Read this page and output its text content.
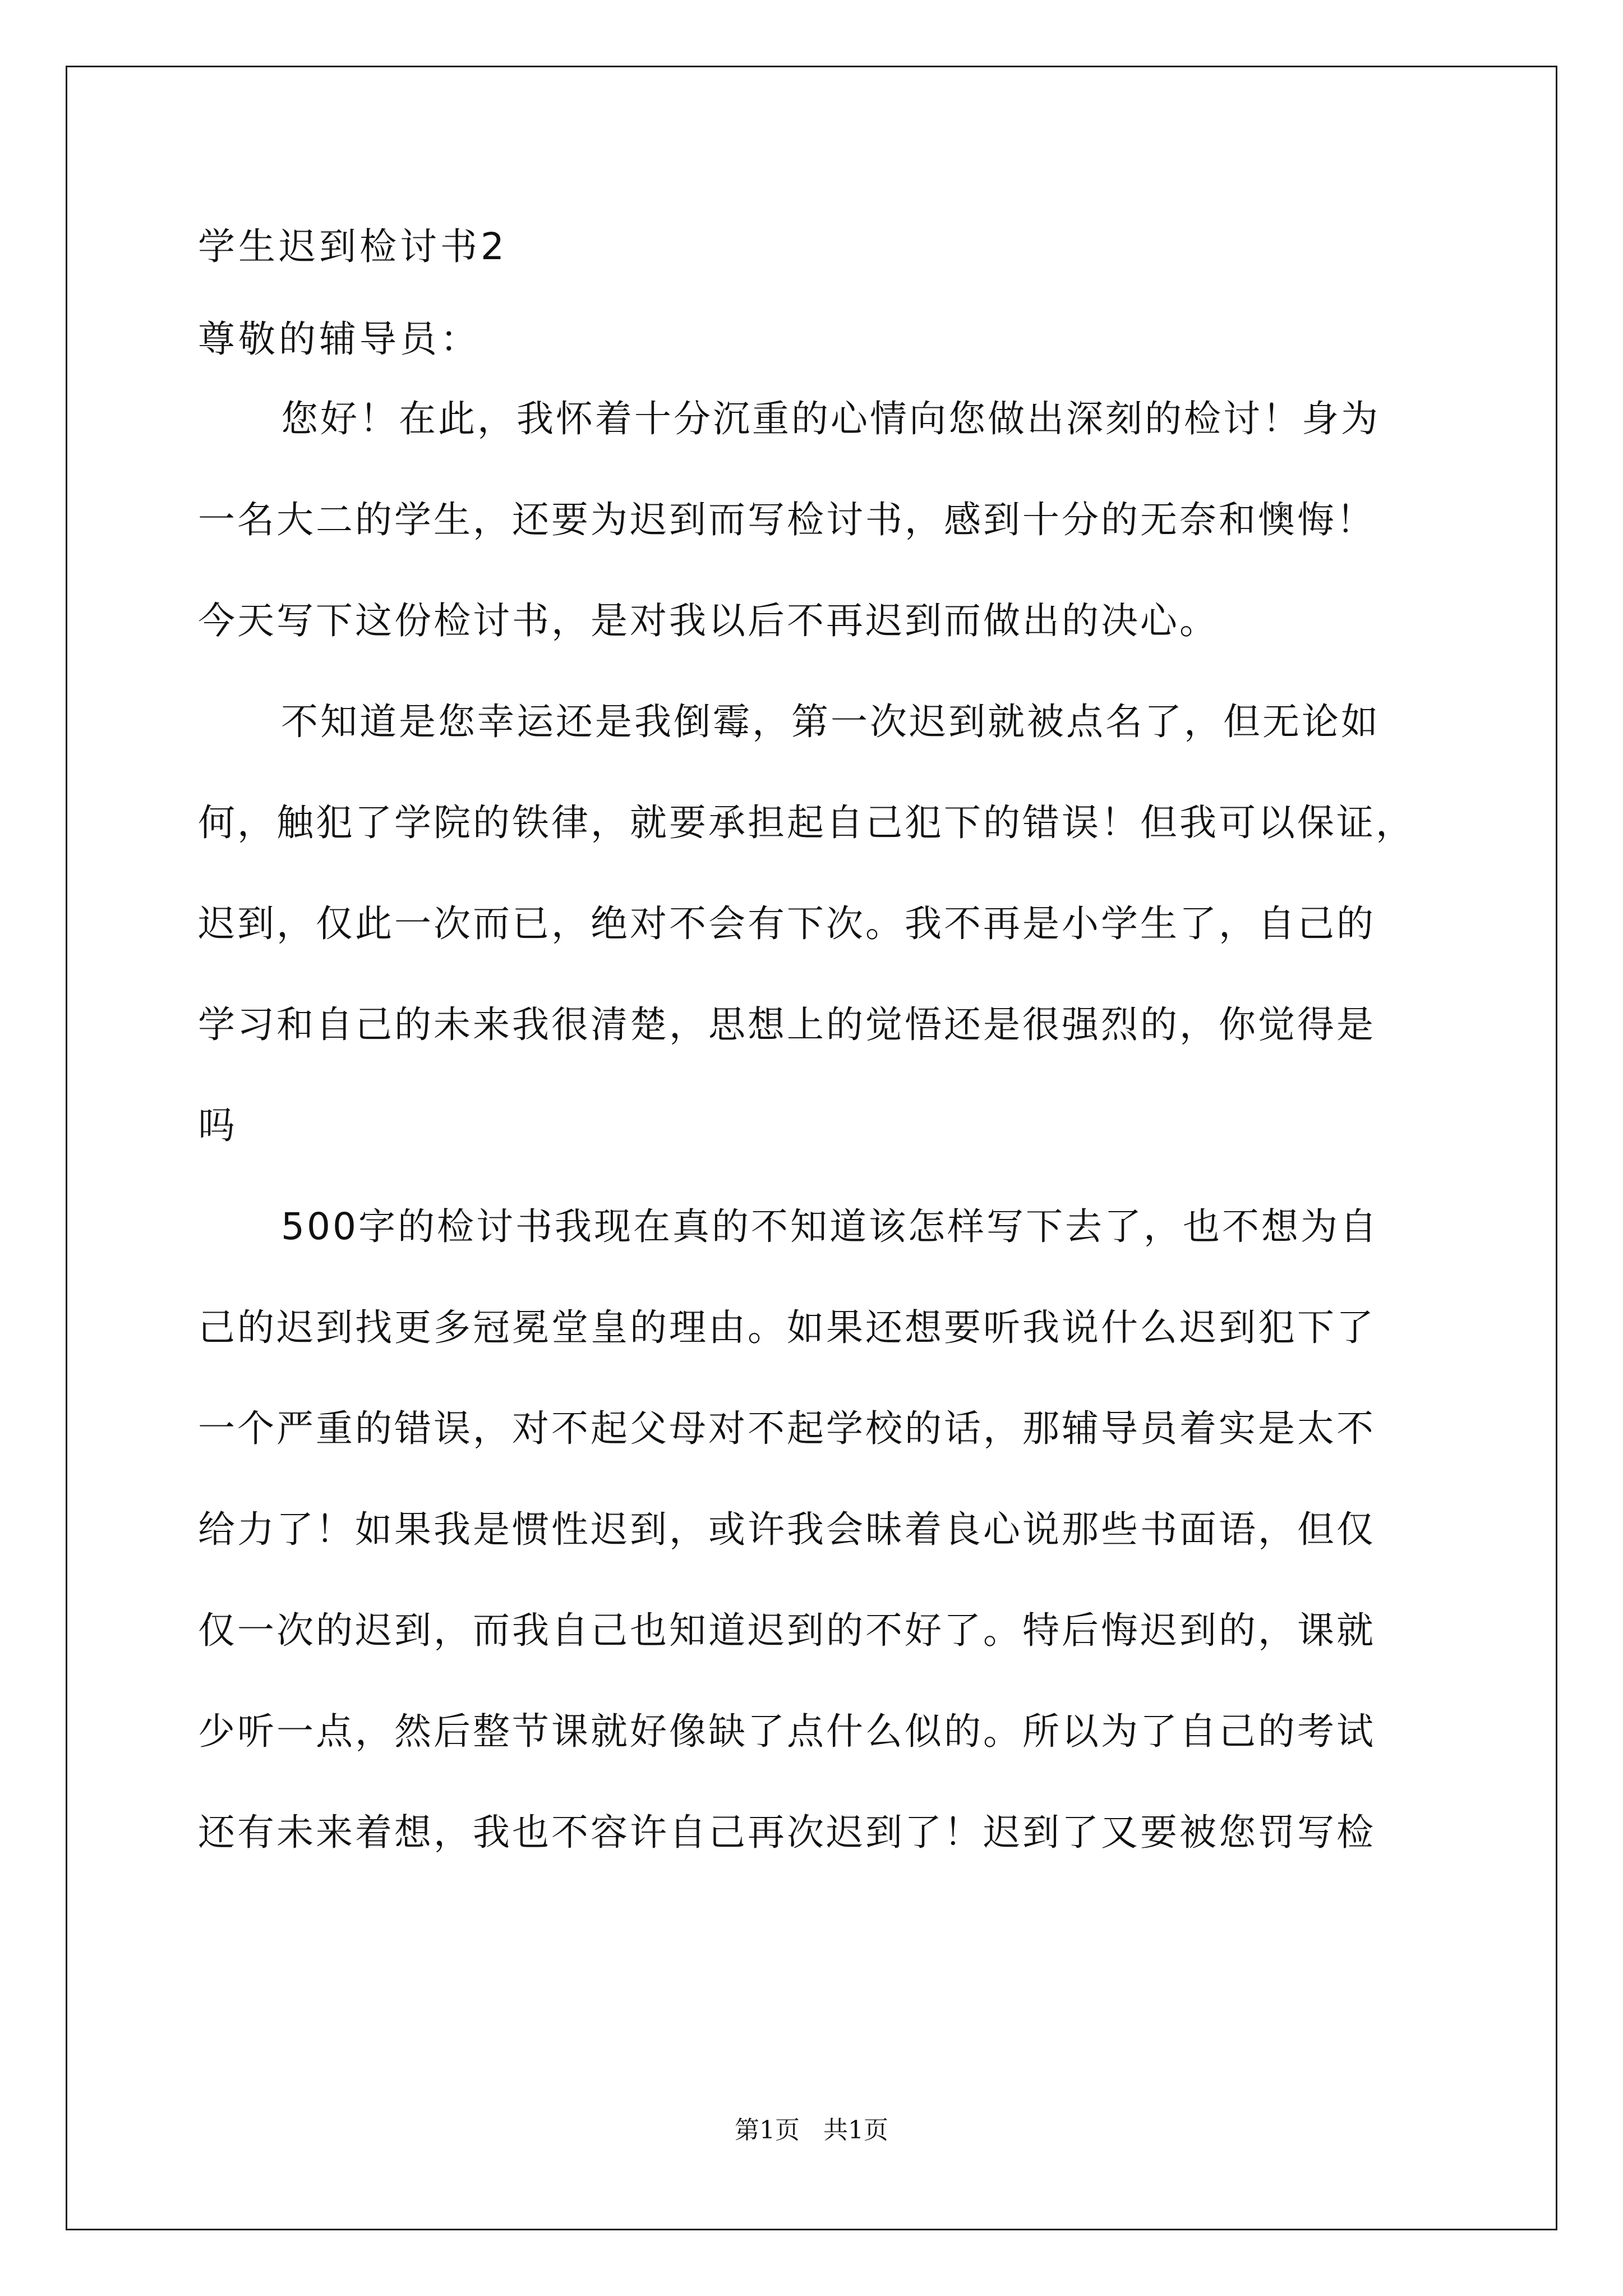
学生迟到检讨书2
尊敬的辅导员：
您好！在此，我怀着十分沉重的心情向您做出深刻的检讨！身为
一名大二的学生，还要为迟到而写检讨书，感到十分的无奈和懊悔！
今天写下这份检讨书，是对我以后不再迟到而做出的决心。
不知道是您幸运还是我倒霉，第一次迟到就被点名了，但无论如
何，触犯了学院的铁律，就要承担起自己犯下的错误！但我可以保证，
迟到，仅此一次而已，绝对不会有下次。我不再是小学生了，自己的
学习和自己的未来我很清楚，思想上的觉悟还是很强烈的，你觉得是
吗
500字的检讨书我现在真的不知道该怎样写下去了，也不想为自
己的迟到找更多冠冕堂皇的理由。如果还想要听我说什么迟到犯下了
一个严重的错误，对不起父母对不起学校的话，那辅导员着实是太不
给力了！如果我是惯性迟到，或许我会昧着良心说那些书面语，但仅
仅一次的迟到，而我自己也知道迟到的不好了。特后悔迟到的，课就
少听一点，然后整节课就好像缺了点什么似的。所以为了自己的考试
还有未来着想，我也不容许自己再次迟到了！迟到了又要被您罚写检
第1页   共1页
